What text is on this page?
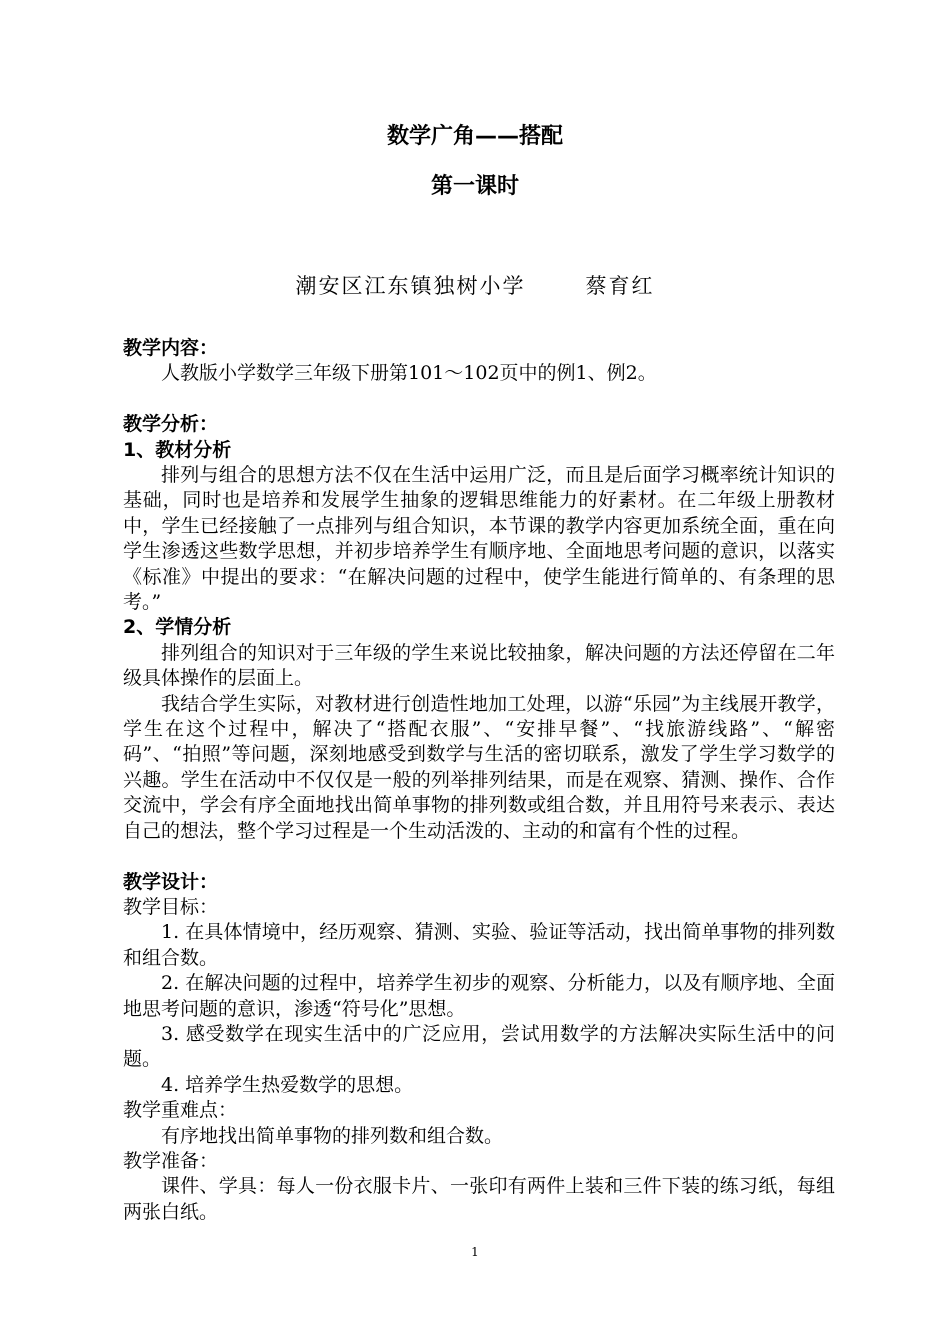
数学广角——搭配
第一课时
潮安区江东镇独树小学	蔡育红

教学内容：

人教版小学数学三年级下册第101～102页中的例1、例2。

教学分析：

1、教材分析

排列与组合的思想方法不仅在生活中运用广泛，而且是后面学习概率统计知识的基础，同时也是培养和发展学生抽象的逻辑思维能力的好素材。在二年级上册教材中，学生已经接触了一点排列与组合知识，本节课的教学内容更加系统全面，重在向学生渗透这些数学思想，并初步培养学生有顺序地、全面地思考问题的意识，以落实《标准》中提出的要求：“在解决问题的过程中，使学生能进行简单的、有条理的思考。”

2、学情分析

排列组合的知识对于三年级的学生来说比较抽象，解决问题的方法还停留在二年级具体操作的层面上。

我结合学生实际，对教材进行创造性地加工处理，以游“乐园”为主线展开教学，学生在这个过程中，解决了“搭配衣服”、“安排早餐”、“找旅游线路”、“解密码”、“拍照”等问题，深刻地感受到数学与生活的密切联系，激发了学生学习数学的兴趣。学生在活动中不仅仅是一般的列举排列结果，而是在观察、猜测、操作、合作交流中，学会有序全面地找出简单事物的排列数或组合数，并且用符号来表示、表达自己的想法，整个学习过程是一个生动活泼的、主动的和富有个性的过程。

教学设计：

教学目标：

1. 在具体情境中，经历观察、猜测、实验、验证等活动，找出简单事物的排列数和组合数。

2. 在解决问题的过程中，培养学生初步的观察、分析能力，以及有顺序地、全面地思考问题的意识，渗透“符号化”思想。

3. 感受数学在现实生活中的广泛应用，尝试用数学的方法解决实际生活中的问题。

4. 培养学生热爱数学的思想。

教学重难点：

有序地找出简单事物的排列数和组合数。

教学准备：

课件、学具：每人一份衣服卡片、一张印有两件上装和三件下装的练习纸，每组两张白纸。

1
